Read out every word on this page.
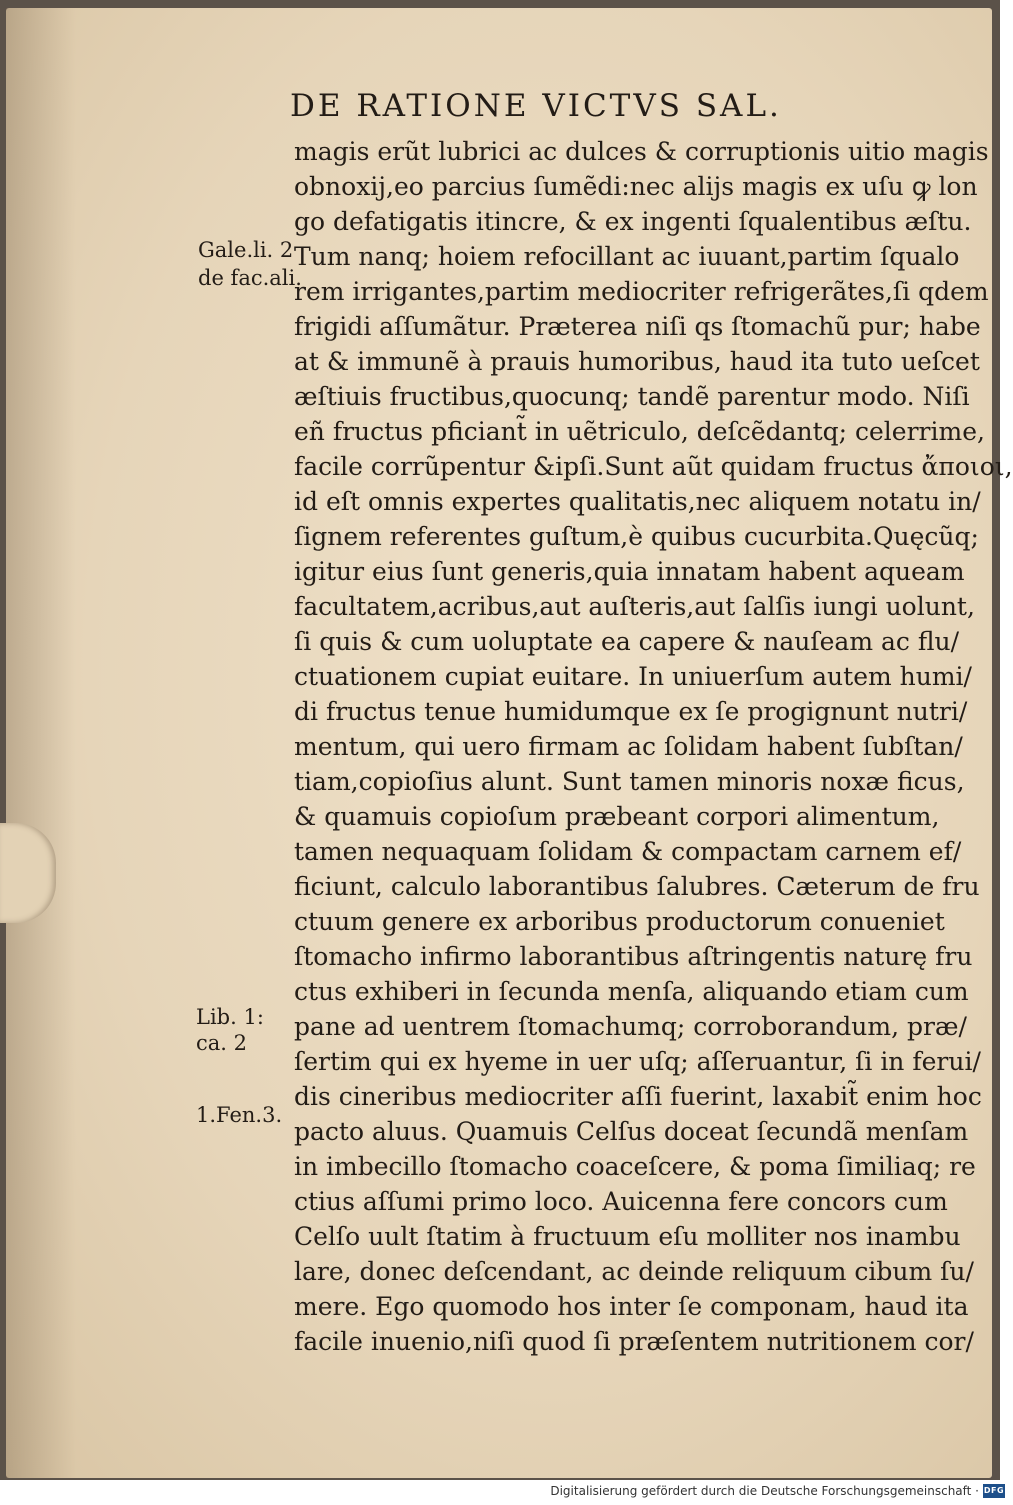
DE RATIONE VICTVS SAL.
magis erũt lubrici ac dulces & corruptionis uitio magis
obnoxij,eo parcius ſumẽdi:nec alijs magis ex uſu ꝙ lon
go defatigatis itincre, & ex ingenti ſqualentibus æſtu.
Tum nanq; hoiem refocillant ac iuuant,partim ſqualo
rem irrigantes,partim mediocriter refrigerãtes,ſi qdem
frigidi aſſumãtur. Præterea niſi qs ſtomachũ pur; habe
at & immunẽ à prauis humoribus, haud ita tuto ueſcet
æſtiuis fructibus,quocunq; tandẽ parentur modo. Niſi
eñ fructus pficiant̃ in uẽtriculo, deſcẽdantq; celerrime,
facile corrũpentur &ipſi.Sunt aũt quidam fructus ἄποιοι,
id eſt omnis expertes qualitatis,nec aliquem notatu in/
ſignem referentes guſtum,è quibus cucurbita.Quęcũq;
igitur eius ſunt generis,quia innatam habent aqueam
facultatem,acribus,aut auſteris,aut ſalſis iungi uolunt,
ſi quis & cum uoluptate ea capere & nauſeam ac flu/
ctuationem cupiat euitare. In uniuerſum autem humi/
di fructus tenue humidumque ex ſe progignunt nutri/
mentum, qui uero firmam ac ſolidam habent ſubſtan/
tiam,copioſius alunt. Sunt tamen minoris noxæ ficus,
& quamuis copioſum præbeant corpori alimentum,
tamen nequaquam ſolidam & compactam carnem ef/
ficiunt, calculo laborantibus ſalubres. Cæterum de fru
ctuum genere ex arboribus productorum conueniet
ſtomacho infirmo laborantibus aſtringentis naturę fru
ctus exhiberi in ſecunda menſa, aliquando etiam cum
pane ad uentrem ſtomachumq; corroborandum, præ/
ſertim qui ex hyeme in uer uſq; aſſeruantur, ſi in ferui/
dis cineribus mediocriter aſſi fuerint, laxabit̃ enim hoc
pacto aluus. Quamuis Celſus doceat ſecundã menſam
in imbecillo ſtomacho coaceſcere, & poma ſimiliaq; re
ctius aſſumi primo loco. Auicenna fere concors cum
Celſo uult ſtatim à fructuum eſu molliter nos inambu
lare, donec deſcendant, ac deinde reliquum cibum ſu/
mere. Ego quomodo hos inter ſe componam, haud ita
facile inuenio,niſi quod ſi præſentem nutritionem cor/
Gale.li. 2
de fac.ali.
Lib. 1:
ca. 2
1.Fen.3.
Digitalisierung gefördert durch die Deutsche Forschungsgemeinschaft · DFG
